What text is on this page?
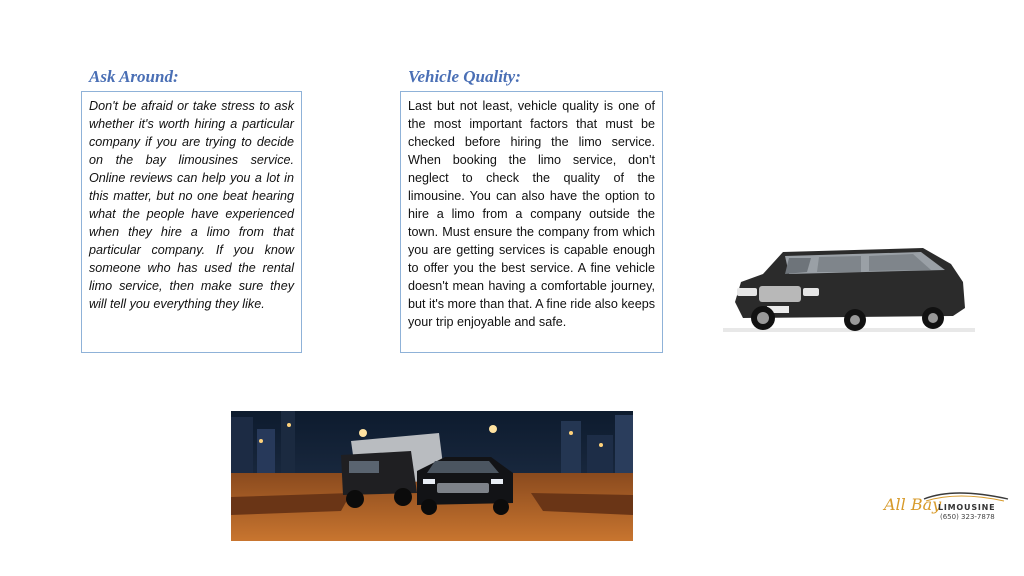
Ask Around:
Don't be afraid or take stress to ask whether it's worth hiring a particular company if you are trying to decide on the bay limousines service. Online reviews can help you a lot in this matter, but no one beat hearing what the people have experienced when they hire a limo from that particular company. If you know someone who has used the rental limo service, then make sure they will tell you everything they like.
Vehicle Quality:
Last but not least, vehicle quality is one of the most important factors that must be checked before hiring the limo service. When booking the limo service, don't neglect to check the quality of the limousine. You can also have the option to hire a limo from a company outside the town. Must ensure the company from which you are getting services is capable enough to offer you the best service. A fine vehicle doesn't mean having a comfortable journey, but it's more than that. A fine ride also keeps your trip enjoyable and safe.
All Bay
LIMOUSINE
(650) 323-7878
